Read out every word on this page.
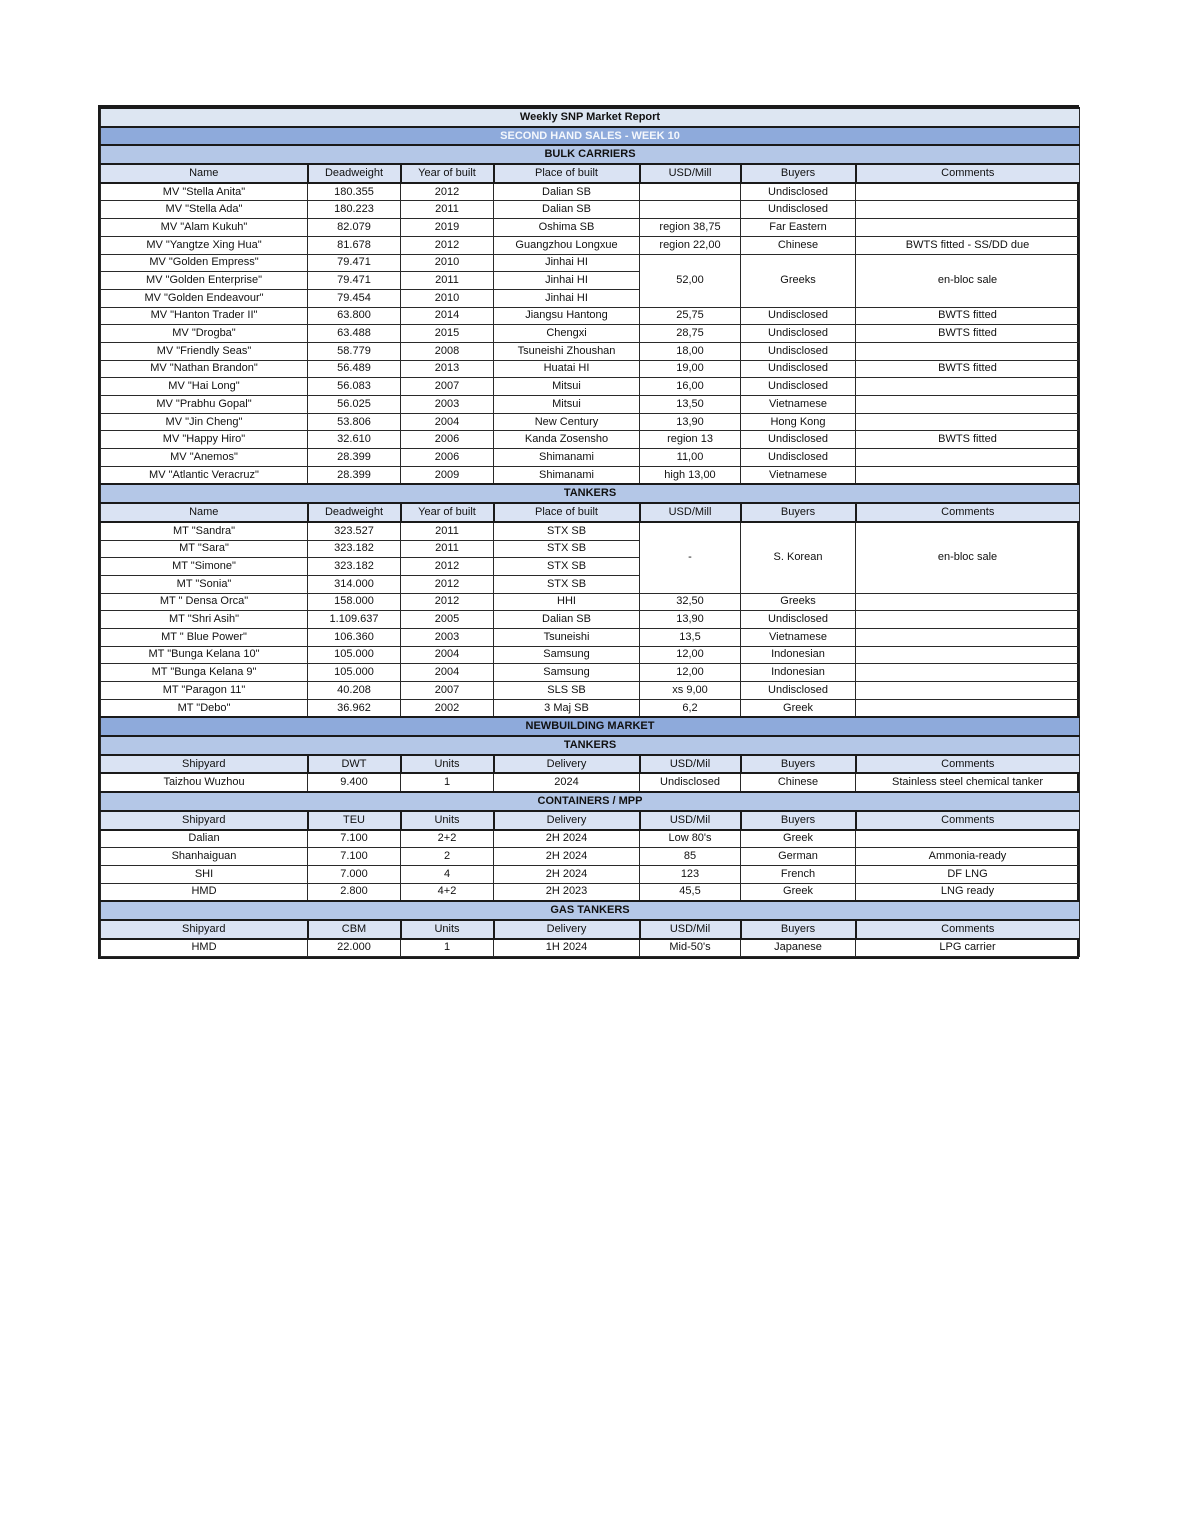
Weekly SNP Market Report						
SECOND HAND SALES - WEEK 10						
BULK CARRIERS						
Name	Deadweight	Year of built	Place of built	USD/Mill	Buyers	Comments
MV "Stella Anita"	180.355	2012	Dalian SB		Undisclosed	
MV "Stella Ada"	180.223	2011	Dalian SB		Undisclosed	
MV "Alam Kukuh"	82.079	2019	Oshima SB	region 38,75	Far Eastern	
MV "Yangtze Xing Hua"	81.678	2012	Guangzhou Longxue	region 22,00	Chinese	BWTS fitted - SS/DD due
MV "Golden Empress"	79.471	2010	Jinhai HI	52,00	Greeks	en-bloc sale
MV "Golden Enterprise"	79.471	2011	Jinhai HI			
MV "Golden Endeavour"	79.454	2010	Jinhai HI			
MV "Hanton Trader II"	63.800	2014	Jiangsu Hantong	25,75	Undisclosed	BWTS fitted
MV "Drogba"	63.488	2015	Chengxi	28,75	Undisclosed	BWTS fitted
MV "Friendly Seas"	58.779	2008	Tsuneishi Zhoushan	18,00	Undisclosed	
MV "Nathan Brandon"	56.489	2013	Huatai HI	19,00	Undisclosed	BWTS fitted
MV "Hai Long"	56.083	2007	Mitsui	16,00	Undisclosed	
MV "Prabhu Gopal"	56.025	2003	Mitsui	13,50	Vietnamese	
MV "Jin Cheng"	53.806	2004	New Century	13,90	Hong Kong	
MV "Happy Hiro"	32.610	2006	Kanda Zosensho	region 13	Undisclosed	BWTS fitted
MV "Anemos"	28.399	2006	Shimanami	11,00	Undisclosed	
MV "Atlantic Veracruz"	28.399	2009	Shimanami	high 13,00	Vietnamese	
TANKERS						
Name	Deadweight	Year of built	Place of built	USD/Mill	Buyers	Comments
MT "Sandra"	323.527	2011	STX SB	-	S. Korean	en-bloc sale
MT "Sara"	323.182	2011	STX SB			
MT "Simone"	323.182	2012	STX SB			
MT "Sonia"	314.000	2012	STX SB			
MT " Densa Orca"	158.000	2012	HHI	32,50	Greeks	
MT "Shri Asih"	1.109.637	2005	Dalian SB	13,90	Undisclosed	
MT " Blue Power"	106.360	2003	Tsuneishi	13,5	Vietnamese	
MT "Bunga Kelana 10"	105.000	2004	Samsung	12,00	Indonesian	
MT "Bunga Kelana 9"	105.000	2004	Samsung	12,00	Indonesian	
MT "Paragon 11"	40.208	2007	SLS SB	xs 9,00	Undisclosed	
MT "Debo"	36.962	2002	3 Maj SB	6,2	Greek	
NEWBUILDING MARKET						
TANKERS						
Shipyard	DWT	Units	Delivery	USD/Mil	Buyers	Comments
Taizhou Wuzhou	9.400	1	2024	Undisclosed	Chinese	Stainless steel chemical tanker
CONTAINERS / MPP						
Shipyard	TEU	Units	Delivery	USD/Mil	Buyers	Comments
Dalian	7.100	2+2	2H 2024	Low 80's	Greek	
Shanhaiguan	7.100	2	2H 2024	85	German	Ammonia-ready
SHI	7.000	4	2H 2024	123	French	DF LNG
HMD	2.800	4+2	2H 2023	45,5	Greek	LNG ready
GAS TANKERS						
Shipyard	CBM	Units	Delivery	USD/Mil	Buyers	Comments
HMD	22.000	1	1H 2024	Mid-50's	Japanese	LPG carrier
